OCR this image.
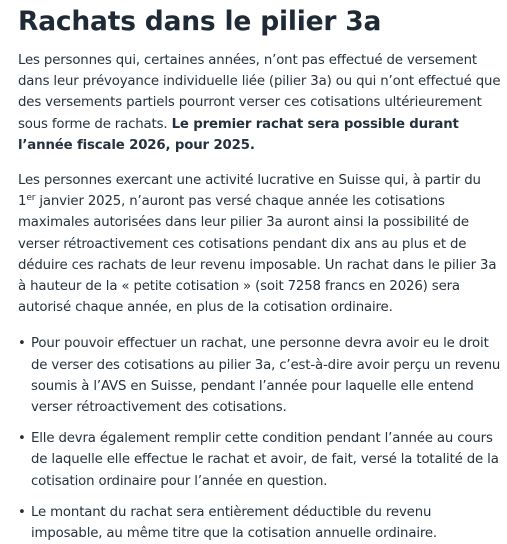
Rachats dans le pilier 3a

Les personnes qui, certaines années, n’ont pas effectué de versement dans leur prévoyance individuelle liée (pilier 3a) ou qui n’ont effectué que des versements partiels pourront verser ces cotisations ultérieurement sous forme de rachats. Le premier rachat sera possible durant l’année fiscale 2026, pour 2025.

Les personnes exercant une activité lucrative en Suisse qui, à partir du 1er janvier 2025, n’auront pas versé chaque année les cotisations maximales autorisées dans leur pilier 3a auront ainsi la possibilité de verser rétroactivement ces cotisations pendant dix ans au plus et de déduire ces rachats de leur revenu imposable. Un rachat dans le pilier 3a à hauteur de la « petite cotisation » (soit 7258 francs en 2026) sera autorisé chaque année, en plus de la cotisation ordinaire.

• Pour pouvoir effectuer un rachat, une personne devra avoir eu le droit de verser des cotisations au pilier 3a, c’est-à-dire avoir perçu un revenu soumis à l’AVS en Suisse, pendant l’année pour laquelle elle entend verser rétroactivement des cotisations.
• Elle devra également remplir cette condition pendant l’année au cours de laquelle elle effectue le rachat et avoir, de fait, versé la totalité de la cotisation ordinaire pour l’année en question.
• Le montant du rachat sera entièrement déductible du revenu imposable, au même titre que la cotisation annuelle ordinaire.
